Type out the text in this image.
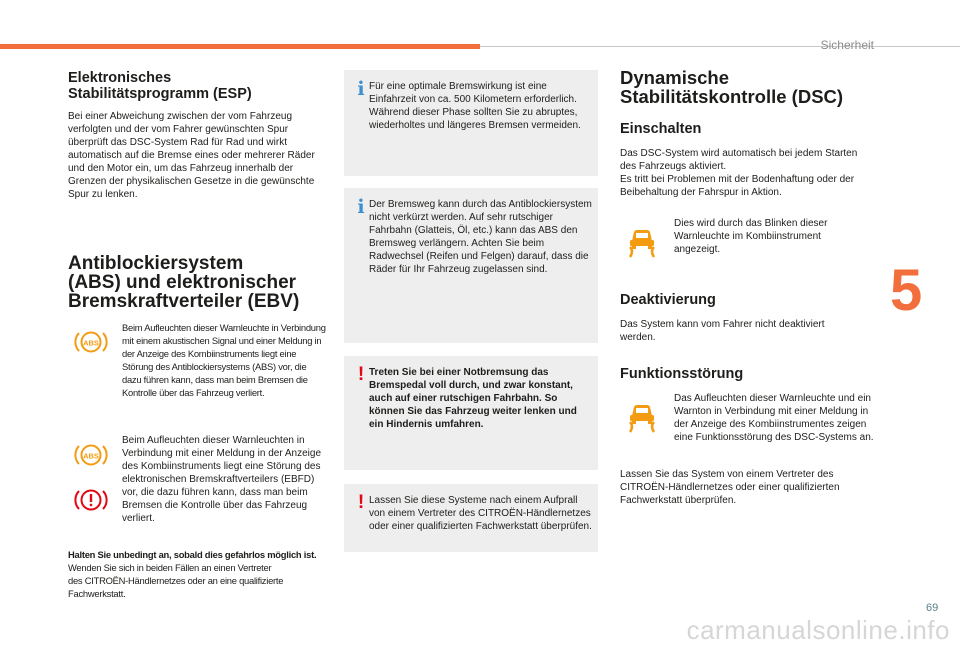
Sicherheit
5
69
carmanualsonline.info
Elektronisches
Stabilitätsprogramm (ESP)

Bei einer Abweichung zwischen der vom Fahrzeug verfolgten und der vom Fahrer gewünschten Spur überprüft das DSC-System Rad für Rad und wirkt automatisch auf die Bremse eines oder mehrerer Räder und den Motor ein, um das Fahrzeug innerhalb der Grenzen der physikalischen Gesetze in die gewünschte Spur zu lenken.

Antiblockiersystem
(ABS) und elektronischer
Bremskraftverteiler (EBV)
ABS

Beim Aufleuchten dieser Warnleuchte in Verbindung mit einem akustischen Signal und einer Meldung in der Anzeige des Kombiinstruments liegt eine Störung des Antiblockiersystems (ABS) vor, die dazu führen kann, dass man beim Bremsen die Kontrolle über das Fahrzeug verliert.

ABS

Beim Aufleuchten dieser Warnleuchten in Verbindung mit einer Meldung in der Anzeige des Kombiinstruments liegt eine Störung des elektronischen Bremskraftverteilers (EBFD) vor, die dazu führen kann, dass man beim Bremsen die Kontrolle über das Fahrzeug verliert.

Halten Sie unbedingt an, sobald dies gefahrlos möglich ist.

Wenden Sie sich in beiden Fällen an einen Vertreter des CITROËN-Händlernetzes oder an eine qualifizierte Fachwerkstatt.

i Für eine optimale Bremswirkung ist eine Einfahrzeit von ca. 500 Kilometern erforderlich. Während dieser Phase sollten Sie zu abruptes, wiederholtes und längeres Bremsen vermeiden.
i Der Bremsweg kann durch das Antiblockiersystem nicht verkürzt werden. Auf sehr rutschiger Fahrbahn (Glatteis, Öl, etc.) kann das ABS den Bremsweg verlängern. Achten Sie beim Radwechsel (Reifen und Felgen) darauf, dass die Räder für Ihr Fahrzeug zugelassen sind.
! Treten Sie bei einer Notbremsung das Bremspedal voll durch, und zwar konstant, auch auf einer rutschigen Fahrbahn. So können Sie das Fahrzeug weiter lenken und ein Hindernis umfahren.
! Lassen Sie diese Systeme nach einem Aufprall von einem Vertreter des CITROËN-Händlernetzes oder einer qualifizierten Fachwerkstatt überprüfen.
Dynamische
Stabilitätskontrolle (DSC)
Einschalten

Das DSC-System wird automatisch bei jedem Starten des Fahrzeugs aktiviert.

Es tritt bei Problemen mit der Bodenhaftung oder der Beibehaltung der Fahrspur in Aktion.

Dies wird durch das Blinken dieser Warnleuchte im Kombiinstrument angezeigt.

Deaktivierung

Das System kann vom Fahrer nicht deaktiviert werden.

Funktionsstörung

Das Aufleuchten dieser Warnleuchte und ein Warnton in Verbindung mit einer Meldung in der Anzeige des Kombiinstrumentes zeigen eine Funktionsstörung des DSC-Systems an.

Lassen Sie das System von einem Vertreter des CITROËN-Händlernetzes oder einer qualifizierten Fachwerkstatt überprüfen.
